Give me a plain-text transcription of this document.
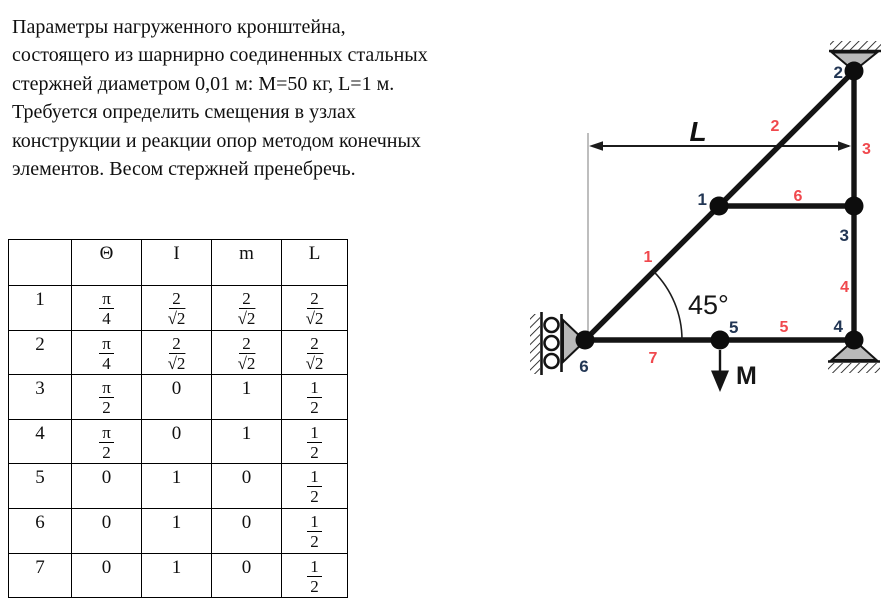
Параметры нагруженного кронштейна,
состоящего из шарнирно соединенных стальных
стержней диаметром 0,01 м: М=50 кг, L=1 м.
Требуется определить смещения в узлах
конструкции и реакции опор методом конечных
элементов. Весом стержней пренебречь.
	Θ	I	m	L
1	$\frac{\pi}{4}$	$\frac{2}{√2}$	$\frac{2}{√2}$	$\frac{2}{√2}$

2	$\frac{\pi}{4}$	$\frac{2}{√2}$	$\frac{2}{√2}$	$\frac{2}{√2}$

3	$\frac{\pi}{2}$	0	1	$\frac{1}{2}$

4	$\frac{\pi}{2}$	0	1	$\frac{1}{2}$

5	0	1	0	$\frac{1}{2}$

6	0	1	0	$\frac{1}{2}$

7	0	1	0	$\frac{1}{2}$
L
45°
M
1
2
3
4
5
6
1
2
3
4
5
6
7
